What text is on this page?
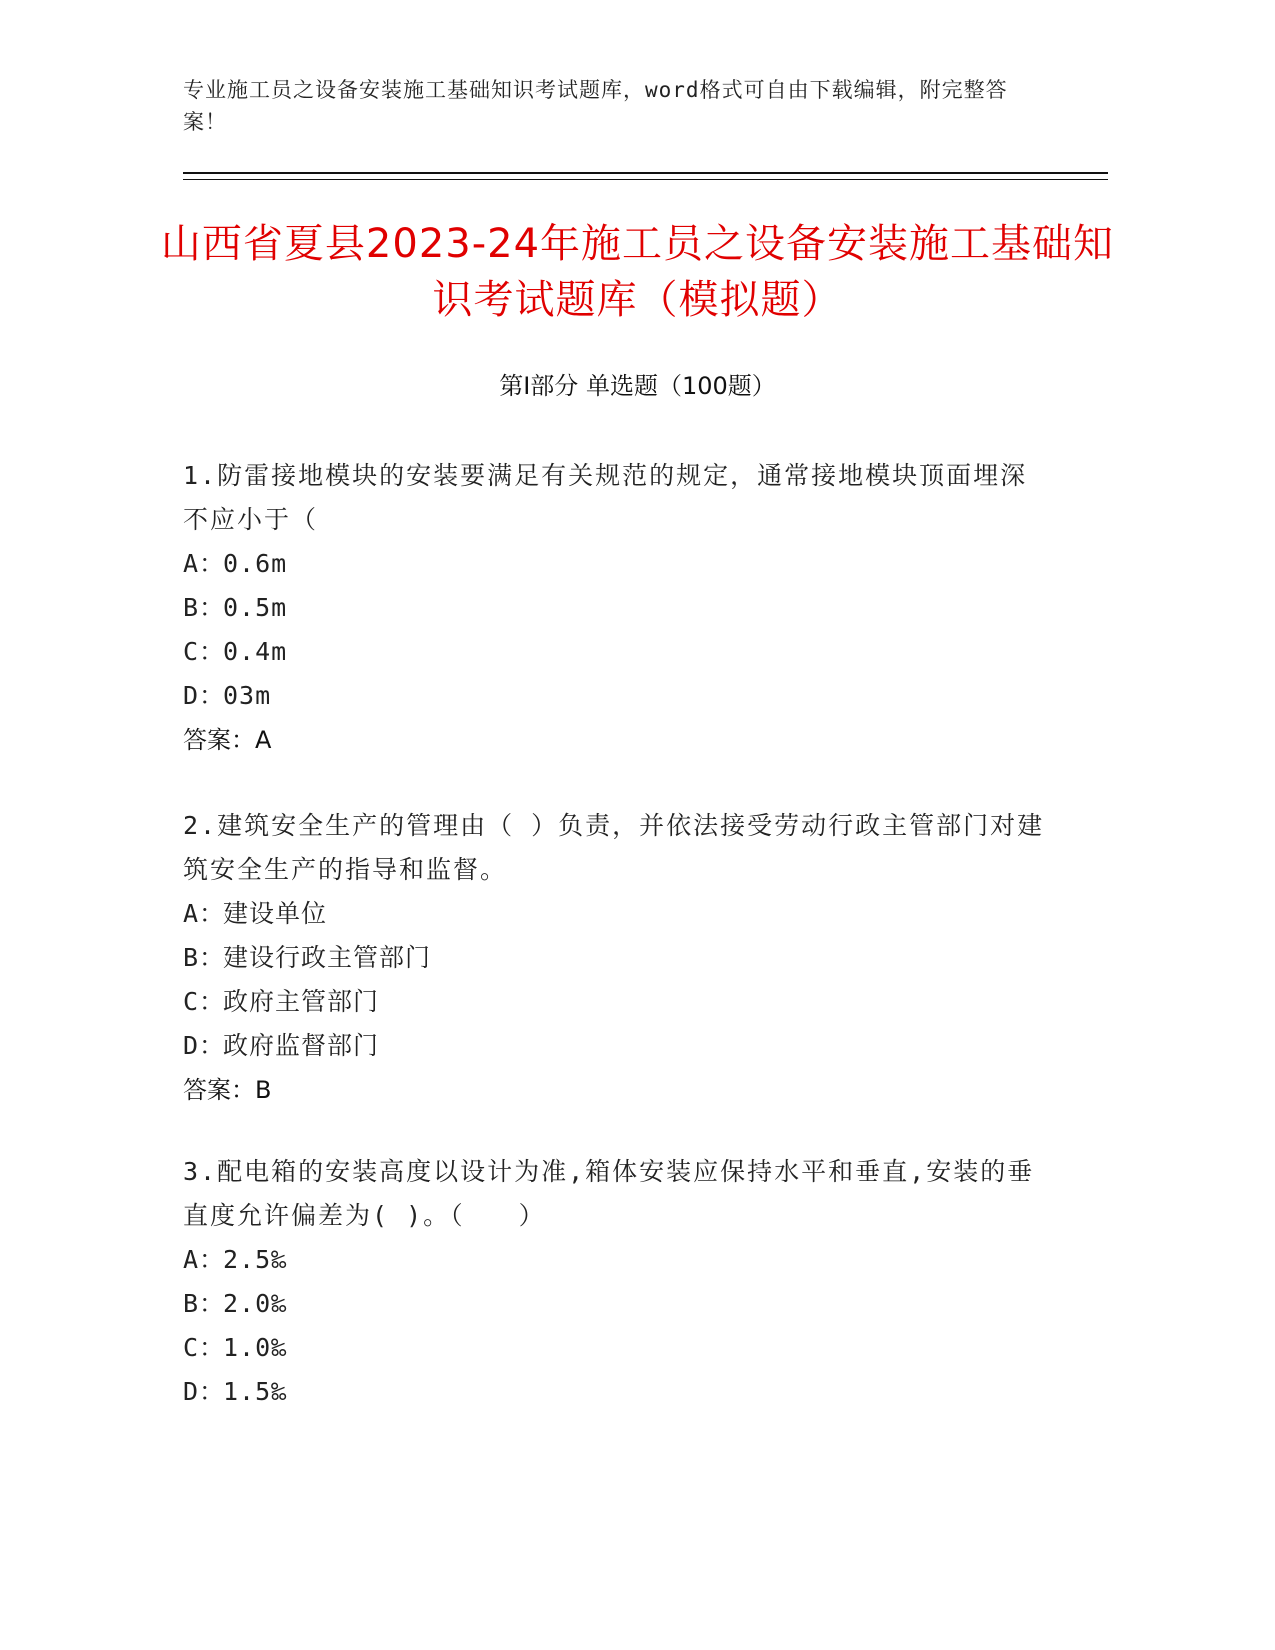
专业施工员之设备安装施工基础知识考试题库，word格式可自由下载编辑，附完整答案！
山西省夏县2023-24年施工员之设备安装施工基础知识考试题库（模拟题）
第I部分 单选题（100题）
1.防雷接地模块的安装要满足有关规范的规定，通常接地模块顶面埋深不应小于（
A：0.6m
B：0.5m
C：0.4m
D：03m
答案：A
2.建筑安全生产的管理由（ ）负责，并依法接受劳动行政主管部门对建筑安全生产的指导和监督。
A：建设单位
B：建设行政主管部门
C：政府主管部门
D：政府监督部门
答案：B
3.配电箱的安装高度以设计为准,箱体安装应保持水平和垂直,安装的垂直度允许偏差为( )。（　　）
A：2.5‰
B：2.0‰
C：1.0‰
D：1.5‰
